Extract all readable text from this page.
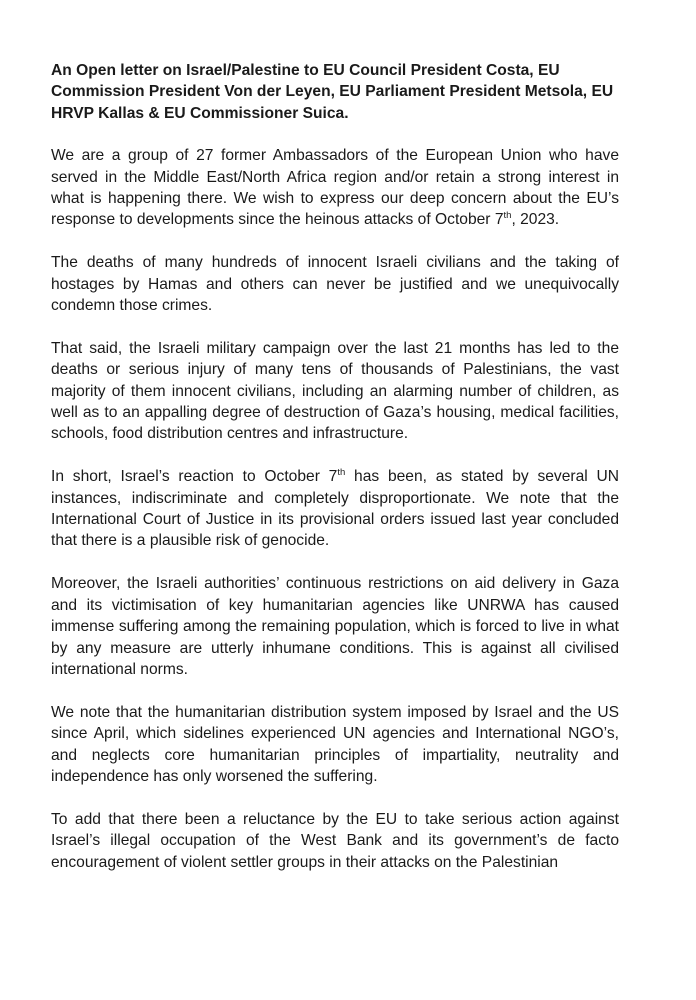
An Open letter on Israel/Palestine to EU Council President Costa, EU Commission President Von der Leyen, EU Parliament President Metsola, EU HRVP Kallas & EU Commissioner Suica.

We are a group of 27 former Ambassadors of the European Union who have served in the Middle East/North Africa region and/or retain a strong interest in what is happening there. We wish to express our deep concern about the EU’s response to developments since the heinous attacks of October 7th, 2023.

The deaths of many hundreds of innocent Israeli civilians and the taking of hostages by Hamas and others can never be justified and we unequivocally condemn those crimes.

That said, the Israeli military campaign over the last 21 months has led to the deaths or serious injury of many tens of thousands of Palestinians, the vast majority of them innocent civilians, including an alarming number of children, as well as to an appalling degree of destruction of Gaza’s housing, medical facilities, schools, food distribution centres and infrastructure.

In short, Israel’s reaction to October 7th has been, as stated by several UN instances, indiscriminate and completely disproportionate. We note that the International Court of Justice in its provisional orders issued last year concluded that there is a plausible risk of genocide.

Moreover, the Israeli authorities’ continuous restrictions on aid delivery in Gaza and its victimisation of key humanitarian agencies like UNRWA has caused immense suffering among the remaining population, which is forced to live in what by any measure are utterly inhumane conditions. This is against all civilised international norms.

We note that the humanitarian distribution system imposed by Israel and the US since April, which sidelines experienced UN agencies and International NGO’s, and neglects core humanitarian principles of impartiality, neutrality and independence has only worsened the suffering.

To add that there been a reluctance by the EU to take serious action against Israel’s illegal occupation of the West Bank and its government’s de facto encouragement of violent settler groups in their attacks on the Palestinian
